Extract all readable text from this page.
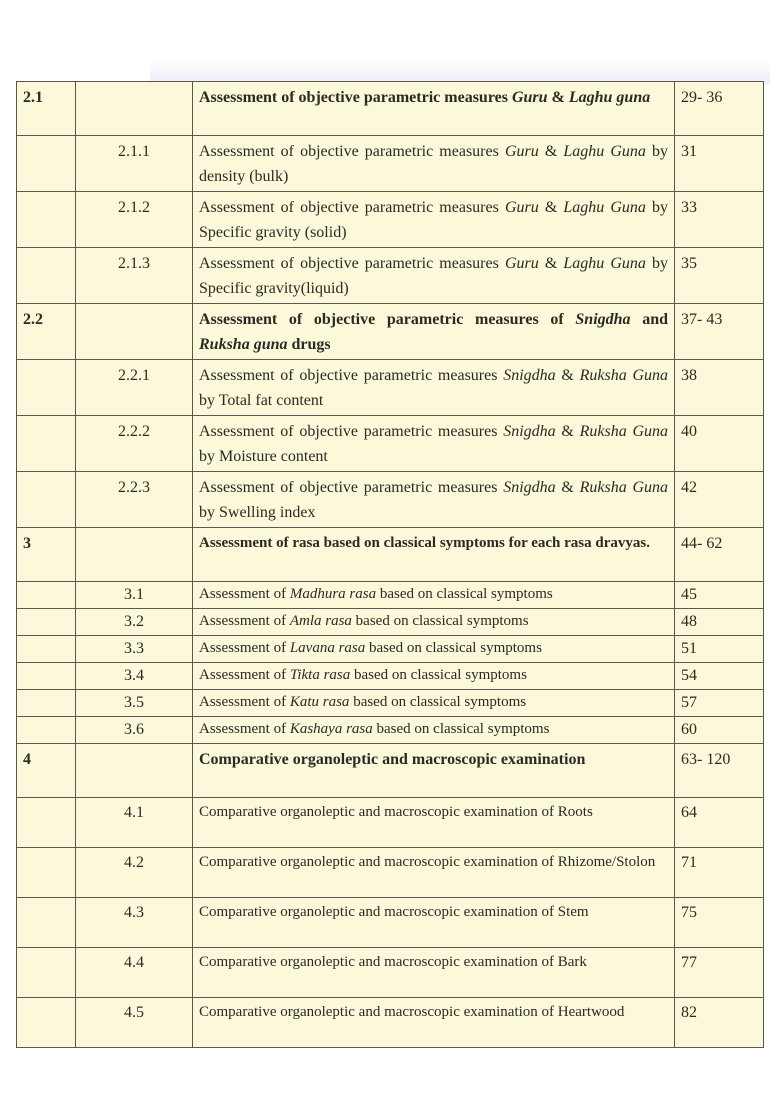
2.1		Assessment of objective parametric measures Guru & Laghu guna	29- 36
	2.1.1	Assessment of objective parametric measures Guru & Laghu Guna by density (bulk)	31
	2.1.2	Assessment of objective parametric measures Guru & Laghu Guna by Specific gravity (solid)	33
	2.1.3	Assessment of objective parametric measures Guru & Laghu Guna by Specific gravity(liquid)	35
2.2		Assessment of objective parametric measures of Snigdha and Ruksha guna drugs	37- 43
	2.2.1	Assessment of objective parametric measures Snigdha & Ruksha Guna by Total fat content	38
	2.2.2	Assessment of objective parametric measures Snigdha & Ruksha Guna by Moisture content	40
	2.2.3	Assessment of objective parametric measures Snigdha & Ruksha Guna by Swelling index	42
3		Assessment of rasa based on classical symptoms for each rasa dravyas.	44- 62
	3.1	Assessment of Madhura rasa based on classical symptoms	45
	3.2	Assessment of Amla rasa based on classical symptoms	48
	3.3	Assessment of Lavana rasa based on classical symptoms	51
	3.4	Assessment of Tikta rasa based on classical symptoms	54
	3.5	Assessment of Katu rasa based on classical symptoms	57
	3.6	Assessment of Kashaya rasa based on classical symptoms	60
4		Comparative organoleptic and macroscopic examination	63- 120
	4.1	Comparative organoleptic and macroscopic examination of Roots	64
	4.2	Comparative organoleptic and macroscopic examination of Rhizome/Stolon	71
	4.3	Comparative organoleptic and macroscopic examination of Stem	75
	4.4	Comparative organoleptic and macroscopic examination of Bark	77
	4.5	Comparative organoleptic and macroscopic examination of Heartwood	82
